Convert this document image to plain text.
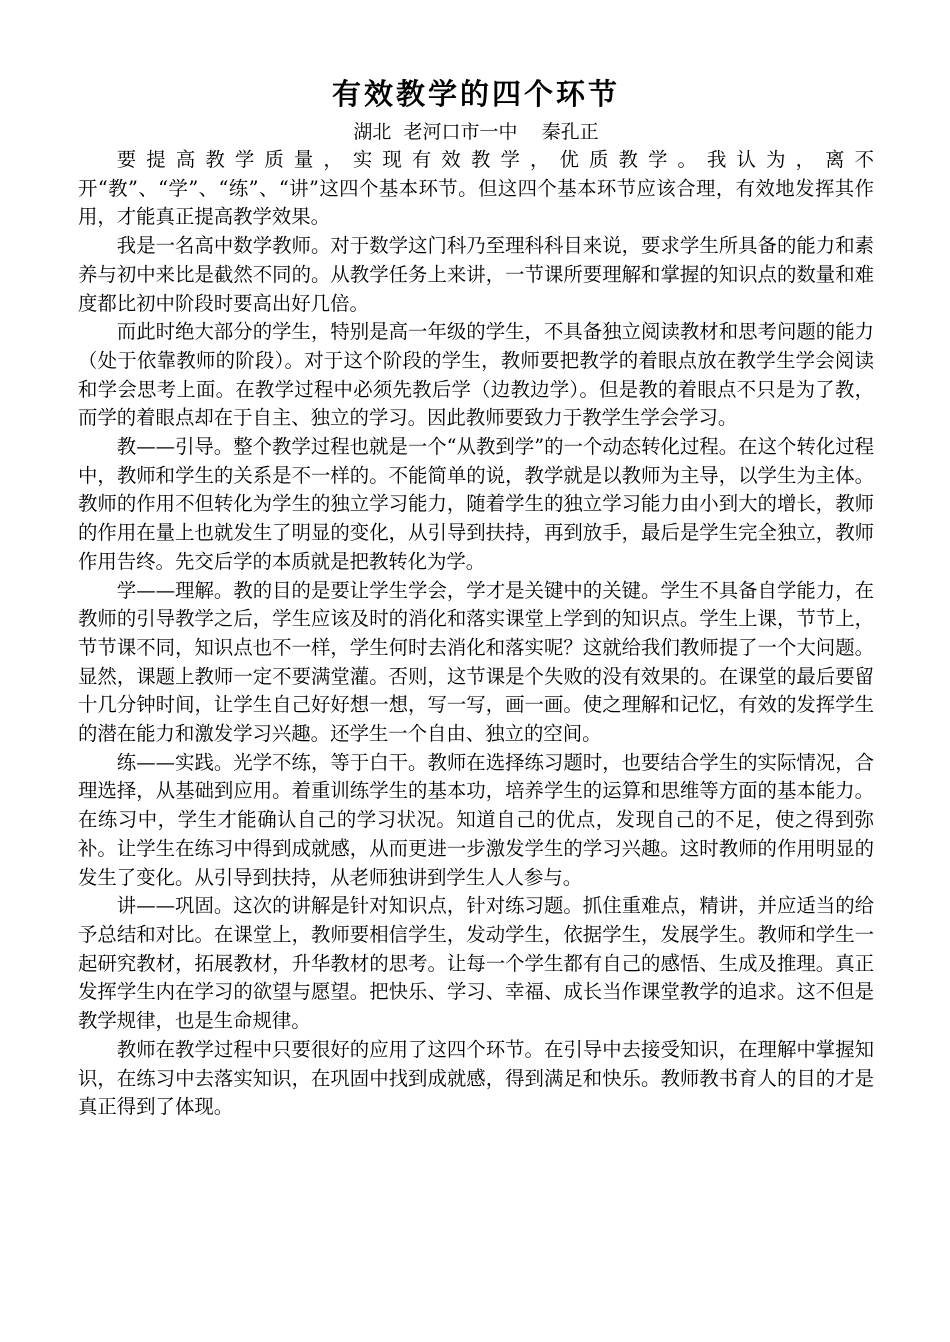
有效教学的四个环节

湖北  老河口市一中    秦孔正

要提高教学质量，实现有效教学，优质教学。我认为，离不开“教”、“学”、“练”、“讲”这四个基本环节。但这四个基本环节应该合理，有效地发挥其作用，才能真正提高教学效果。

我是一名高中数学教师。对于数学这门科乃至理科科目来说，要求学生所具备的能力和素养与初中来比是截然不同的。从教学任务上来讲，一节课所要理解和掌握的知识点的数量和难度都比初中阶段时要高出好几倍。

而此时绝大部分的学生，特别是高一年级的学生，不具备独立阅读教材和思考问题的能力（处于依靠教师的阶段）。对于这个阶段的学生，教师要把教学的着眼点放在教学生学会阅读和学会思考上面。在教学过程中必须先教后学（边教边学）。但是教的着眼点不只是为了教，而学的着眼点却在于自主、独立的学习。因此教师要致力于教学生学会学习。

教——引导。整个教学过程也就是一个“从教到学”的一个动态转化过程。在这个转化过程中，教师和学生的关系是不一样的。不能简单的说，教学就是以教师为主导，以学生为主体。教师的作用不但转化为学生的独立学习能力，随着学生的独立学习能力由小到大的增长，教师的作用在量上也就发生了明显的变化，从引导到扶持，再到放手，最后是学生完全独立，教师作用告终。先交后学的本质就是把教转化为学。

学——理解。教的目的是要让学生学会，学才是关键中的关键。学生不具备自学能力，在教师的引导教学之后，学生应该及时的消化和落实课堂上学到的知识点。学生上课，节节上，节节课不同，知识点也不一样，学生何时去消化和落实呢？这就给我们教师提了一个大问题。显然，课题上教师一定不要满堂灌。否则，这节课是个失败的没有效果的。在课堂的最后要留十几分钟时间，让学生自己好好想一想，写一写，画一画。使之理解和记忆，有效的发挥学生的潜在能力和激发学习兴趣。还学生一个自由、独立的空间。

练——实践。光学不练，等于白干。教师在选择练习题时，也要结合学生的实际情况，合理选择，从基础到应用。着重训练学生的基本功，培养学生的运算和思维等方面的基本能力。在练习中，学生才能确认自己的学习状况。知道自己的优点，发现自己的不足，使之得到弥补。让学生在练习中得到成就感，从而更进一步激发学生的学习兴趣。这时教师的作用明显的发生了变化。从引导到扶持，从老师独讲到学生人人参与。

讲——巩固。这次的讲解是针对知识点，针对练习题。抓住重难点，精讲，并应适当的给予总结和对比。在课堂上，教师要相信学生，发动学生，依据学生，发展学生。教师和学生一起研究教材，拓展教材，升华教材的思考。让每一个学生都有自己的感悟、生成及推理。真正发挥学生内在学习的欲望与愿望。把快乐、学习、幸福、成长当作课堂教学的追求。这不但是教学规律，也是生命规律。

教师在教学过程中只要很好的应用了这四个环节。在引导中去接受知识，在理解中掌握知识，在练习中去落实知识，在巩固中找到成就感，得到满足和快乐。教师教书育人的目的才是真正得到了体现。
